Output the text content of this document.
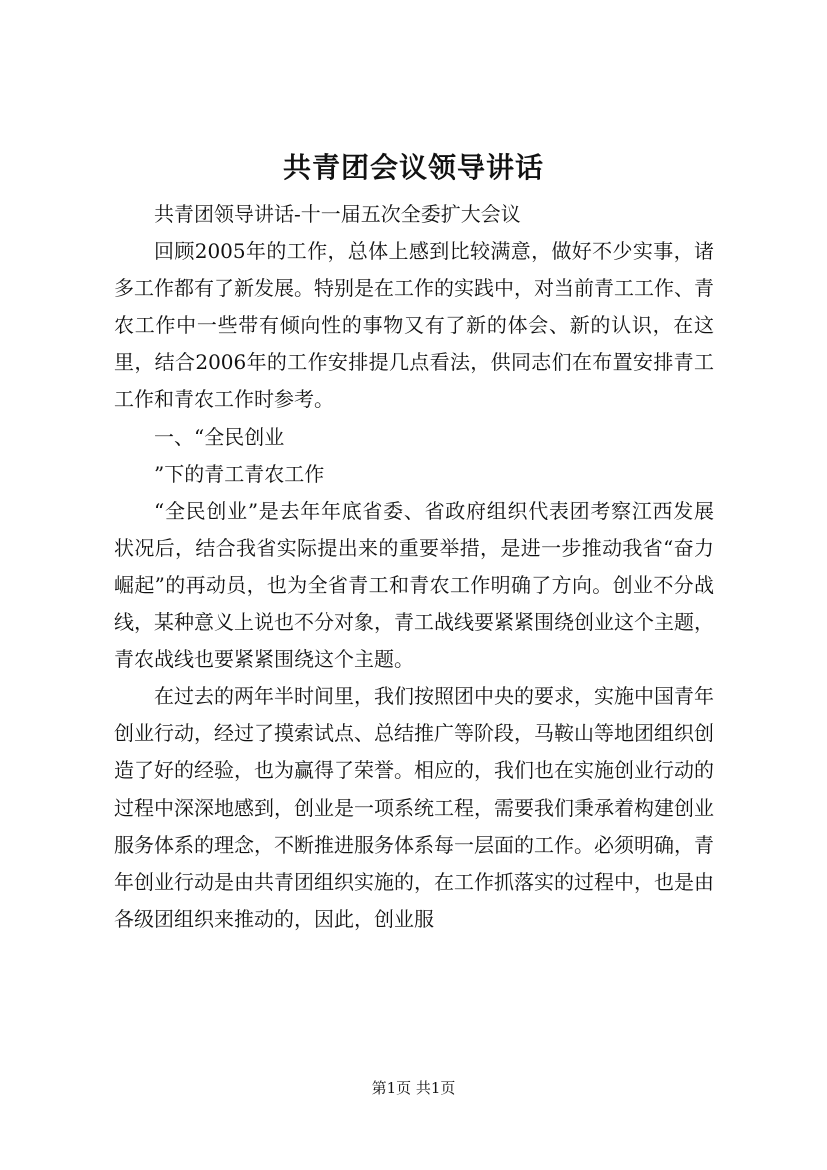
共青团会议领导讲话

共青团领导讲话-十一届五次全委扩大会议

回顾2005年的工作，总体上感到比较满意，做好不少实事，诸多工作都有了新发展。特别是在工作的实践中，对当前青工工作、青农工作中一些带有倾向性的事物又有了新的体会、新的认识，在这里，结合2006年的工作安排提几点看法，供同志们在布置安排青工工作和青农工作时参考。

一、“全民创业

”下的青工青农工作

“全民创业”是去年年底省委、省政府组织代表团考察江西发展状况后，结合我省实际提出来的重要举措，是进一步推动我省“奋力崛起”的再动员，也为全省青工和青农工作明确了方向。创业不分战线，某种意义上说也不分对象，青工战线要紧紧围绕创业这个主题，青农战线也要紧紧围绕这个主题。

在过去的两年半时间里，我们按照团中央的要求，实施中国青年创业行动，经过了摸索试点、总结推广等阶段，马鞍山等地团组织创造了好的经验，也为赢得了荣誉。相应的，我们也在实施创业行动的过程中深深地感到，创业是一项系统工程，需要我们秉承着构建创业服务体系的理念，不断推进服务体系每一层面的工作。必须明确，青年创业行动是由共青团组织实施的，在工作抓落实的过程中，也是由各级团组织来推动的，因此，创业服

第1页 共1页
